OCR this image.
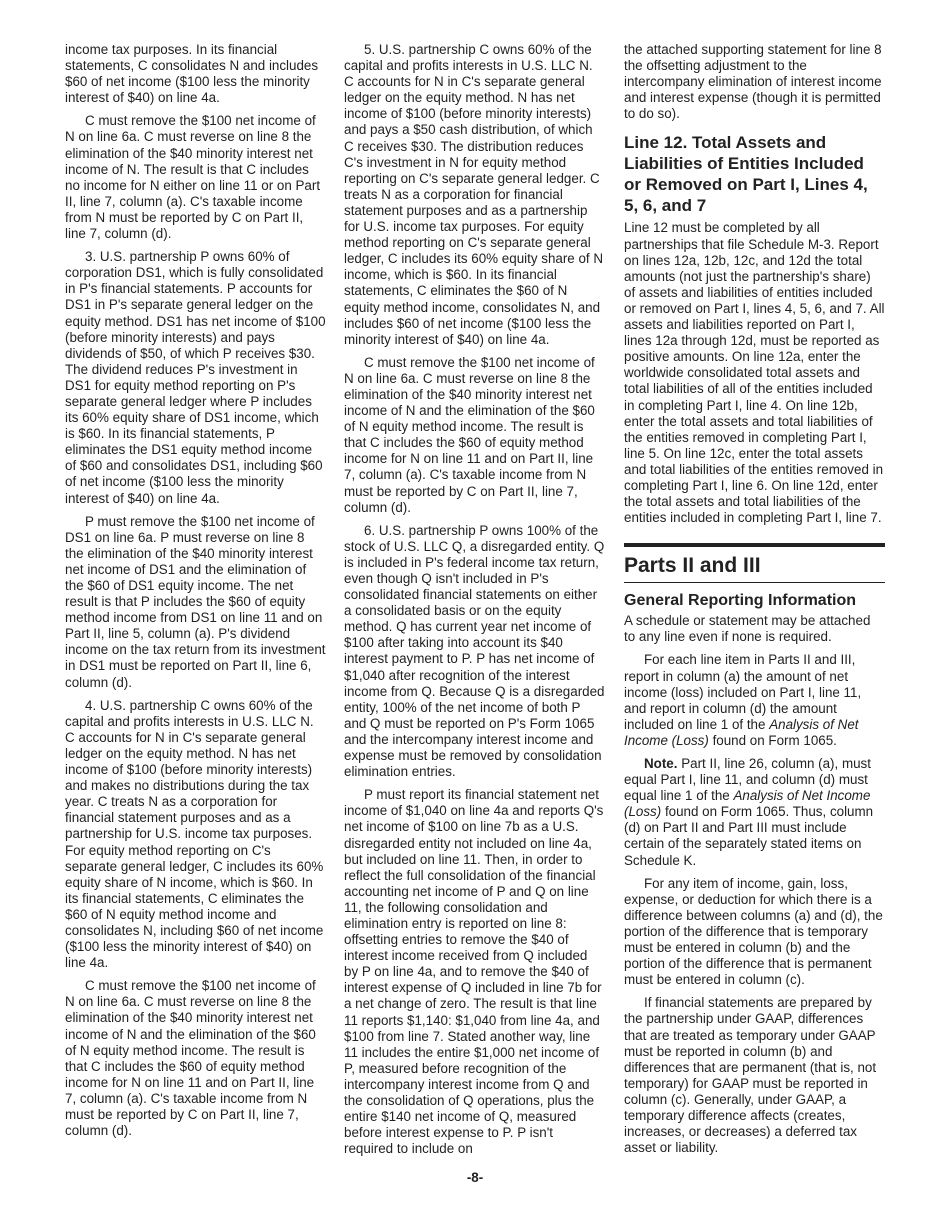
income tax purposes. In its financial statements, C consolidates N and includes $60 of net income ($100 less the minority interest of $40) on line 4a.

C must remove the $100 net income of N on line 6a. C must reverse on line 8 the elimination of the $40 minority interest net income of N. The result is that C includes no income for N either on line 11 or on Part II, line 7, column (a). C's taxable income from N must be reported by C on Part II, line 7, column (d).

3. U.S. partnership P owns 60% of corporation DS1, which is fully consolidated in P's financial statements. P accounts for DS1 in P's separate general ledger on the equity method. DS1 has net income of $100 (before minority interests) and pays dividends of $50, of which P receives $30. The dividend reduces P's investment in DS1 for equity method reporting on P's separate general ledger where P includes its 60% equity share of DS1 income, which is $60. In its financial statements, P eliminates the DS1 equity method income of $60 and consolidates DS1, including $60 of net income ($100 less the minority interest of $40) on line 4a.

P must remove the $100 net income of DS1 on line 6a. P must reverse on line 8 the elimination of the $40 minority interest net income of DS1 and the elimination of the $60 of DS1 equity income. The net result is that P includes the $60 of equity method income from DS1 on line 11 and on Part II, line 5, column (a). P's dividend income on the tax return from its investment in DS1 must be reported on Part II, line 6, column (d).

4. U.S. partnership C owns 60% of the capital and profits interests in U.S. LLC N. C accounts for N in C's separate general ledger on the equity method. N has net income of $100 (before minority interests) and makes no distributions during the tax year. C treats N as a corporation for financial statement purposes and as a partnership for U.S. income tax purposes. For equity method reporting on C's separate general ledger, C includes its 60% equity share of N income, which is $60. In its financial statements, C eliminates the $60 of N equity method income and consolidates N, including $60 of net income ($100 less the minority interest of $40) on line 4a.

C must remove the $100 net income of N on line 6a. C must reverse on line 8 the elimination of the $40 minority interest net income of N and the elimination of the $60 of N equity method income. The result is that C includes the $60 of equity method income for N on line 11 and on Part II, line 7, column (a). C's taxable income from N must be reported by C on Part II, line 7, column (d).

5. U.S. partnership C owns 60% of the capital and profits interests in U.S. LLC N. C accounts for N in C's separate general ledger on the equity method. N has net income of $100 (before minority interests) and pays a $50 cash distribution, of which C receives $30. The distribution reduces C's investment in N for equity method reporting on C's separate general ledger. C treats N as a corporation for financial statement purposes and as a partnership for U.S. income tax purposes. For equity method reporting on C's separate general ledger, C includes its 60% equity share of N income, which is $60. In its financial statements, C eliminates the $60 of N equity method income, consolidates N, and includes $60 of net income ($100 less the minority interest of $40) on line 4a.

C must remove the $100 net income of N on line 6a. C must reverse on line 8 the elimination of the $40 minority interest net income of N and the elimination of the $60 of N equity method income. The result is that C includes the $60 of equity method income for N on line 11 and on Part II, line 7, column (a). C's taxable income from N must be reported by C on Part II, line 7, column (d).

6. U.S. partnership P owns 100% of the stock of U.S. LLC Q, a disregarded entity. Q is included in P's federal income tax return, even though Q isn't included in P's consolidated financial statements on either a consolidated basis or on the equity method. Q has current year net income of $100 after taking into account its $40 interest payment to P. P has net income of $1,040 after recognition of the interest income from Q. Because Q is a disregarded entity, 100% of the net income of both P and Q must be reported on P's Form 1065 and the intercompany interest income and expense must be removed by consolidation elimination entries.

P must report its financial statement net income of $1,040 on line 4a and reports Q's net income of $100 on line 7b as a U.S. disregarded entity not included on line 4a, but included on line 11. Then, in order to reflect the full consolidation of the financial accounting net income of P and Q on line 11, the following consolidation and elimination entry is reported on line 8: offsetting entries to remove the $40 of interest income received from Q included by P on line 4a, and to remove the $40 of interest expense of Q included in line 7b for a net change of zero. The result is that line 11 reports $1,140: $1,040 from line 4a, and $100 from line 7. Stated another way, line 11 includes the entire $1,000 net income of P, measured before recognition of the intercompany interest income from Q and the consolidation of Q operations, plus the entire $140 net income of Q, measured before interest expense to P. P isn't required to include on

the attached supporting statement for line 8 the offsetting adjustment to the intercompany elimination of interest income and interest expense (though it is permitted to do so).

Line 12. Total Assets and Liabilities of Entities Included or Removed on Part I, Lines 4, 5, 6, and 7

Line 12 must be completed by all partnerships that file Schedule M-3. Report on lines 12a, 12b, 12c, and 12d the total amounts (not just the partnership's share) of assets and liabilities of entities included or removed on Part I, lines 4, 5, 6, and 7. All assets and liabilities reported on Part I, lines 12a through 12d, must be reported as positive amounts. On line 12a, enter the worldwide consolidated total assets and total liabilities of all of the entities included in completing Part I, line 4. On line 12b, enter the total assets and total liabilities of the entities removed in completing Part I, line 5. On line 12c, enter the total assets and total liabilities of the entities removed in completing Part I, line 6. On line 12d, enter the total assets and total liabilities of the entities included in completing Part I, line 7.

Parts II and III
General Reporting Information

A schedule or statement may be attached to any line even if none is required.

For each line item in Parts II and III, report in column (a) the amount of net income (loss) included on Part I, line 11, and report in column (d) the amount included on line 1 of the Analysis of Net Income (Loss) found on Form 1065.

Note. Part II, line 26, column (a), must equal Part I, line 11, and column (d) must equal line 1 of the Analysis of Net Income (Loss) found on Form 1065. Thus, column (d) on Part II and Part III must include certain of the separately stated items on Schedule K.

For any item of income, gain, loss, expense, or deduction for which there is a difference between columns (a) and (d), the portion of the difference that is temporary must be entered in column (b) and the portion of the difference that is permanent must be entered in column (c).

If financial statements are prepared by the partnership under GAAP, differences that are treated as temporary under GAAP must be reported in column (b) and differences that are permanent (that is, not temporary) for GAAP must be reported in column (c). Generally, under GAAP, a temporary difference affects (creates, increases, or decreases) a deferred tax asset or liability.

-8-
